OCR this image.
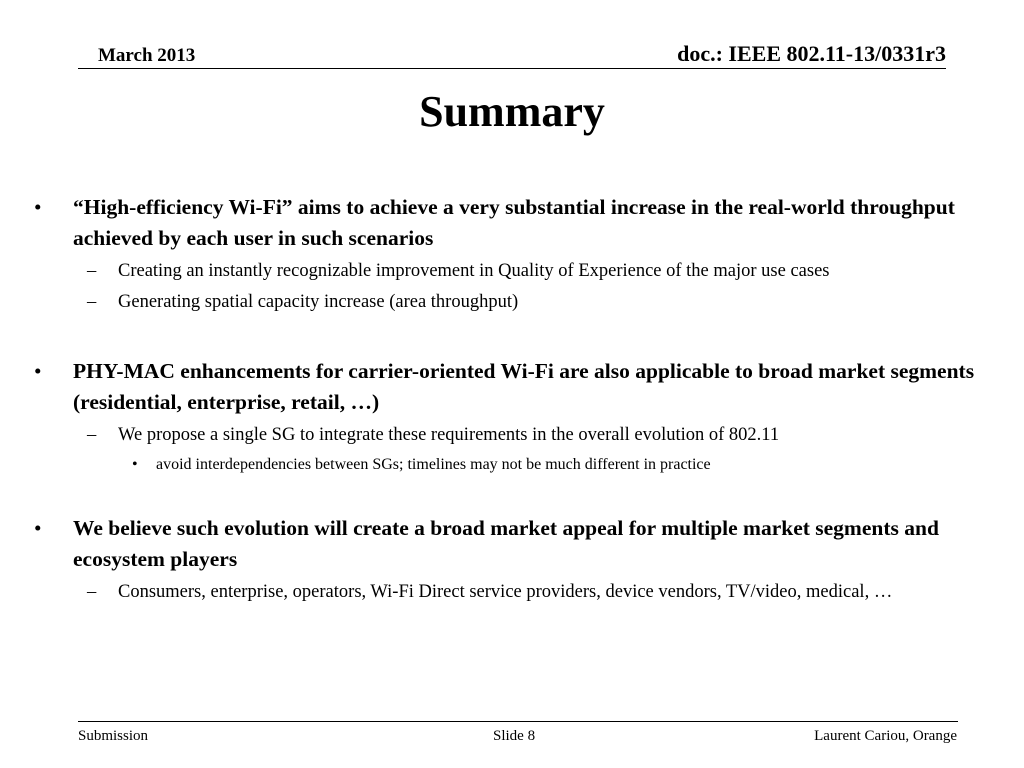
March 2013	doc.: IEEE 802.11-13/0331r3
Summary
• “High-efficiency Wi-Fi” aims to achieve a very substantial increase in the real-world throughput achieved by each user in such scenarios
– Creating an instantly recognizable improvement in Quality of Experience of the major use cases
– Generating spatial capacity increase (area throughput)
• PHY-MAC enhancements for carrier-oriented Wi-Fi are also applicable to broad market segments (residential, enterprise, retail, …)
– We propose a single SG to integrate these requirements in the overall evolution of 802.11
• avoid interdependencies between SGs; timelines may not be much different in practice
• We believe such evolution will create a broad market appeal for multiple market segments and ecosystem players
– Consumers, enterprise, operators, Wi-Fi Direct service providers, device vendors, TV/video, medical, …
Submission	Slide 8	Laurent Cariou, Orange
